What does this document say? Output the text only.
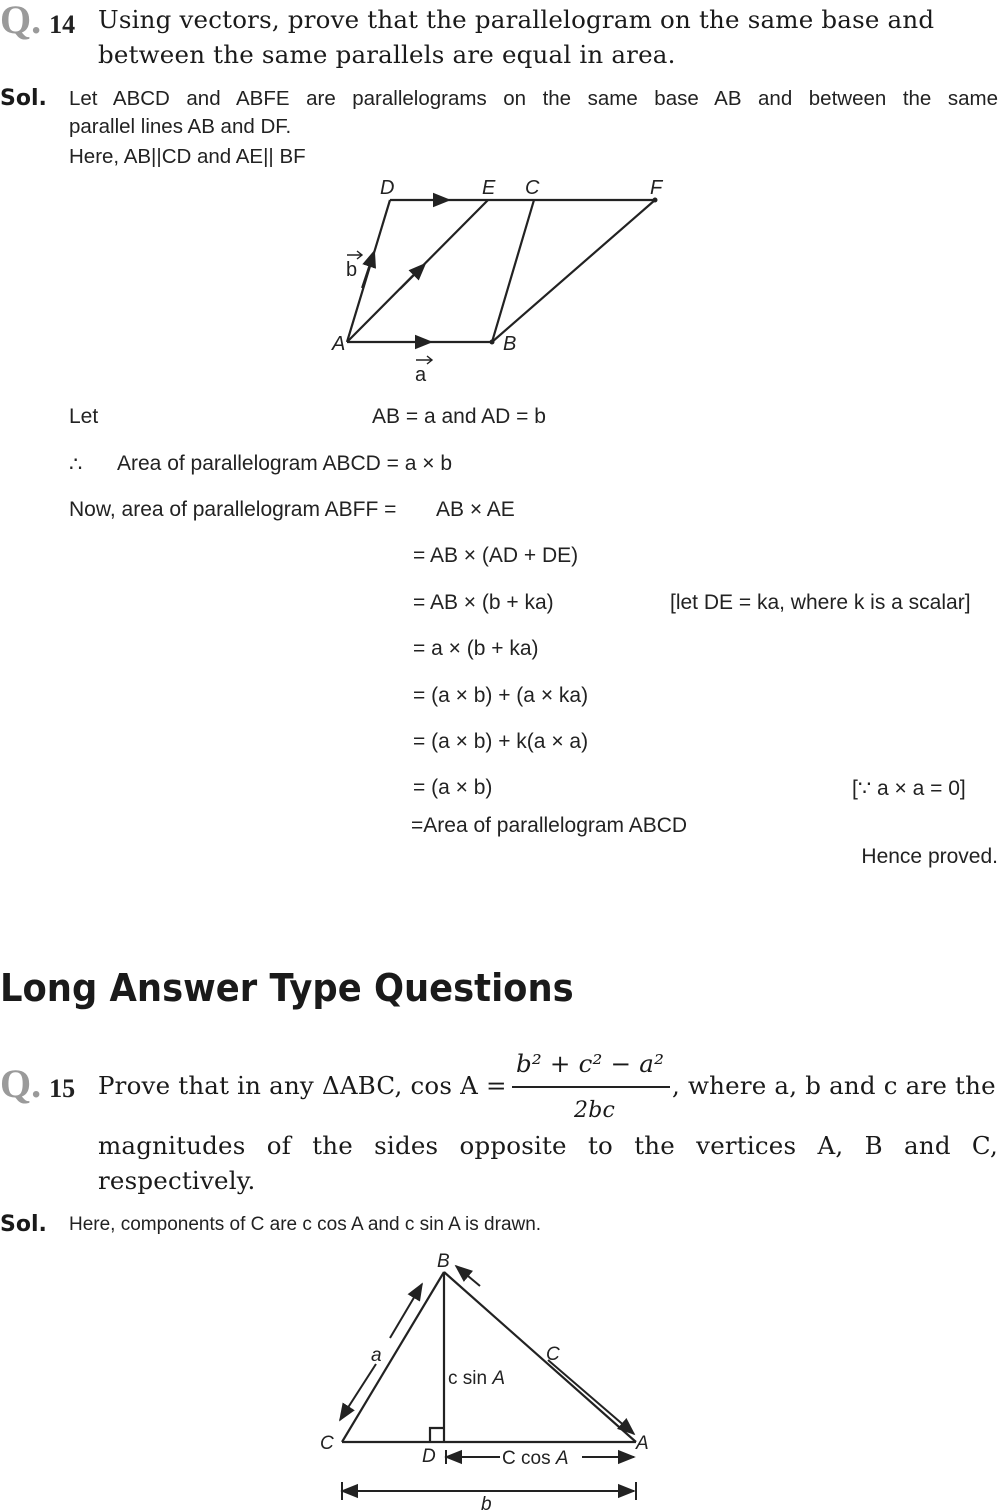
Q. 14 Using vectors, prove that the parallelogram on the same base and
between the same parallels are equal in area.
Sol. Let ABCD and ABFE are parallelograms on the same base AB and between the same
parallel lines AB and DF.
Here, AB||CD and AE|| BF
D	E C	F
A	B
b
a
Let	AB = a and AD = b
∴ Area of parallelogram ABCD = a × b
Now, area of parallelogram ABFF = AB × AE
= AB × (AD + DE)
= AB × (b + ka)	[let DE = ka, where k is a scalar]
= a × (b + ka)
= (a × b) + (a × ka)
= (a × b) + k(a × a)
= (a × b)	[∵ a × a = 0]
=Area of parallelogram ABCD
Hence proved.
Long Answer Type Questions
Q. 15 Prove that in any ΔABC, cos A =
b² + c² − a²
2bc
, where a, b and c are the
magnitudes of the sides opposite to the vertices A, B and C,
respectively.
Sol. Here, components of C are c cos A and c sin A is drawn.
B
a	C
c sin A
C
D	C cos A
A
b
